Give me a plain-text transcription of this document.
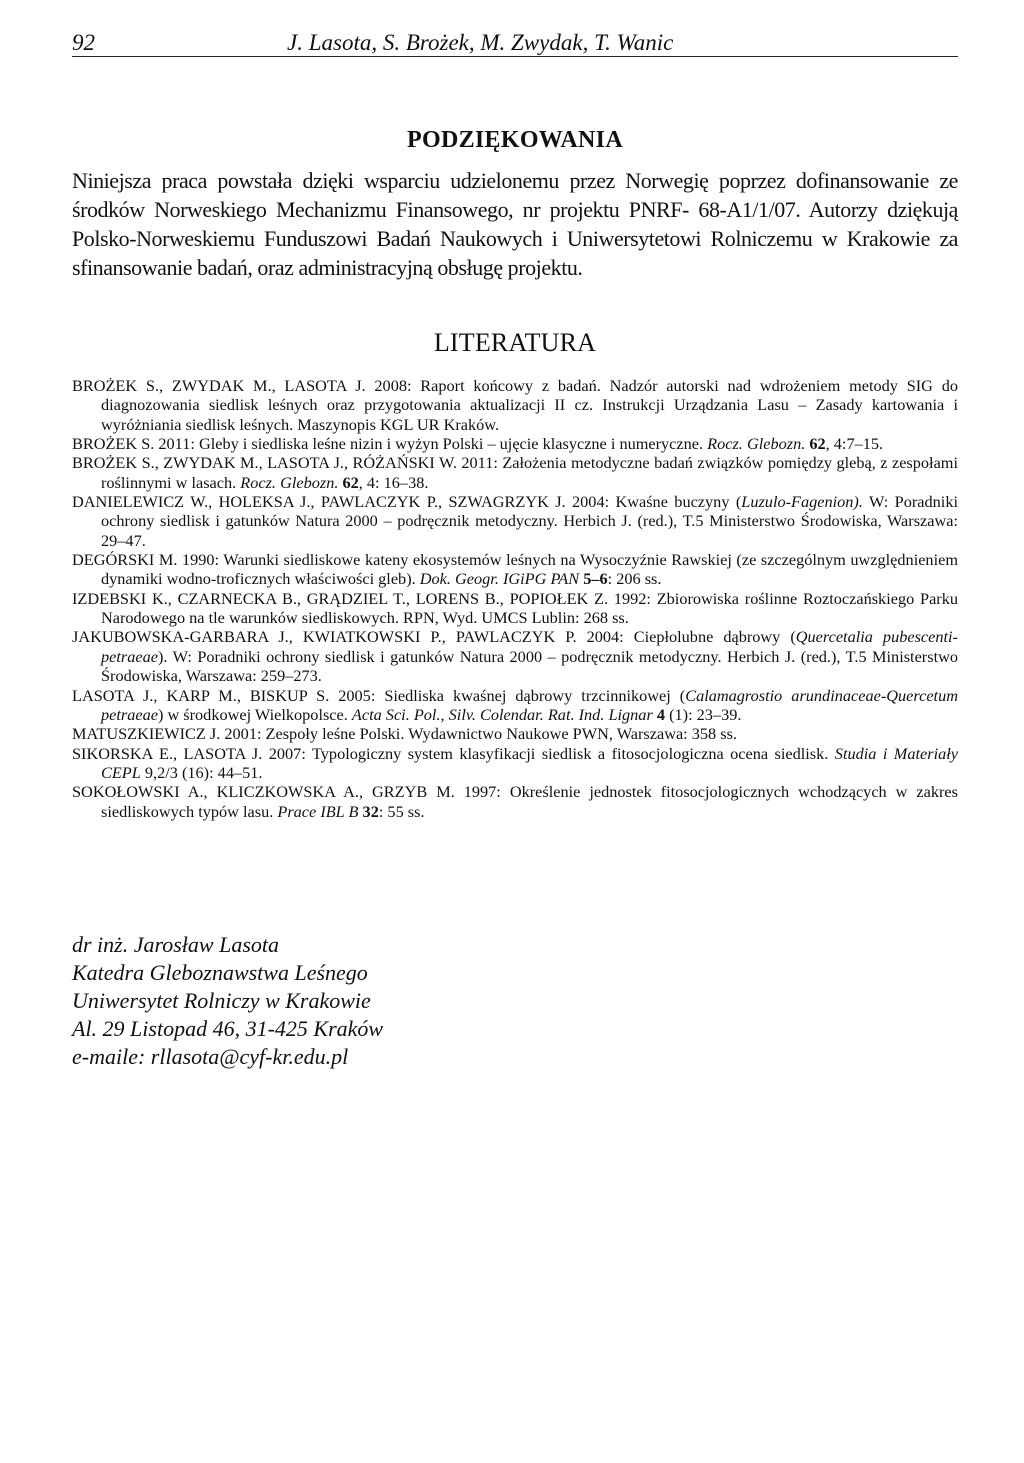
92	J. Lasota, S. Brożek, M. Zwydak, T. Wanic
PODZIĘKOWANIA

Niniejsza praca powstała dzięki wsparciu udzielonemu przez Norwegię poprzez dofinansowanie ze środków Norweskiego Mechanizmu Finansowego, nr projektu PNRF- 68-A1/1/07. Autorzy dziękują Polsko-Norweskiemu Funduszowi Badań Naukowych i Uniwersytetowi Rolniczemu w Krakowie za sfinansowanie badań, oraz administracyjną obsługę projektu.

LITERATURA

BROŻEK S., ZWYDAK M., LASOTA J. 2008: Raport końcowy z badań. Nadzór autorski nad wdrożeniem metody SIG do diagnozowania siedlisk leśnych oraz przygotowania aktualizacji II cz. Instrukcji Urządzania Lasu – Zasady kartowania i wyróżniania siedlisk leśnych. Maszynopis KGL UR Kraków.

BROŻEK S. 2011: Gleby i siedliska leśne nizin i wyżyn Polski – ujęcie klasyczne i numeryczne. Rocz. Glebozn. 62, 4:7–15.

BROŻEK S., ZWYDAK M., LASOTA J., RÓŻAŃSKI W. 2011: Założenia metodyczne badań związków pomiędzy glebą, z zespołami roślinnymi w lasach. Rocz. Glebozn. 62, 4: 16–38.

DANIELEWICZ W., HOLEKSA J., PAWLACZYK P., SZWAGRZYK J. 2004: Kwaśne buczyny (Luzulo-Fagenion). W: Poradniki ochrony siedlisk i gatunków Natura 2000 – podręcznik metodyczny. Herbich J. (red.), T.5 Ministerstwo Środowiska, Warszawa: 29–47.

DEGÓRSKI M. 1990: Warunki siedliskowe kateny ekosystemów leśnych na Wysoczyźnie Rawskiej (ze szczególnym uwzględnieniem dynamiki wodno-troficznych właściwości gleb). Dok. Geogr. IGiPG PAN 5–6: 206 ss.

IZDEBSKI K., CZARNECKA B., GRĄDZIEL T., LORENS B., POPIOŁEK Z. 1992: Zbiorowiska roślinne Roztoczańskiego Parku Narodowego na tle warunków siedliskowych. RPN, Wyd. UMCS Lublin: 268 ss.

JAKUBOWSKA-GARBARA J., KWIATKOWSKI P., PAWLACZYK P. 2004: Ciepłolubne dąbrowy (Quercetalia pubescenti-petraeae). W: Poradniki ochrony siedlisk i gatunków Natura 2000 – podręcznik metodyczny. Herbich J. (red.), T.5 Ministerstwo Środowiska, Warszawa: 259–273.

LASOTA J., KARP M., BISKUP S. 2005: Siedliska kwaśnej dąbrowy trzcinnikowej (Calamagrostio arundinaceae-Quercetum petraeae) w środkowej Wielkopolsce. Acta Sci. Pol., Silv. Colendar. Rat. Ind. Lignar 4 (1): 23–39.

MATUSZKIEWICZ J. 2001: Zespoły leśne Polski. Wydawnictwo Naukowe PWN, Warszawa: 358 ss.

SIKORSKA E., LASOTA J. 2007: Typologiczny system klasyfikacji siedlisk a fitosocjologiczna ocena siedlisk. Studia i Materiały CEPL 9,2/3 (16): 44–51.

SOKOŁOWSKI A., KLICZKOWSKA A., GRZYB M. 1997: Określenie jednostek fitosocjologicznych wchodzących w zakres siedliskowych typów lasu. Prace IBL B 32: 55 ss.

dr inż. Jarosław Lasota
Katedra Gleboznawstwa Leśnego
Uniwersytet Rolniczy w Krakowie
Al. 29 Listopad 46, 31-425 Kraków
e-maile: rllasota@cyf-kr.edu.pl
